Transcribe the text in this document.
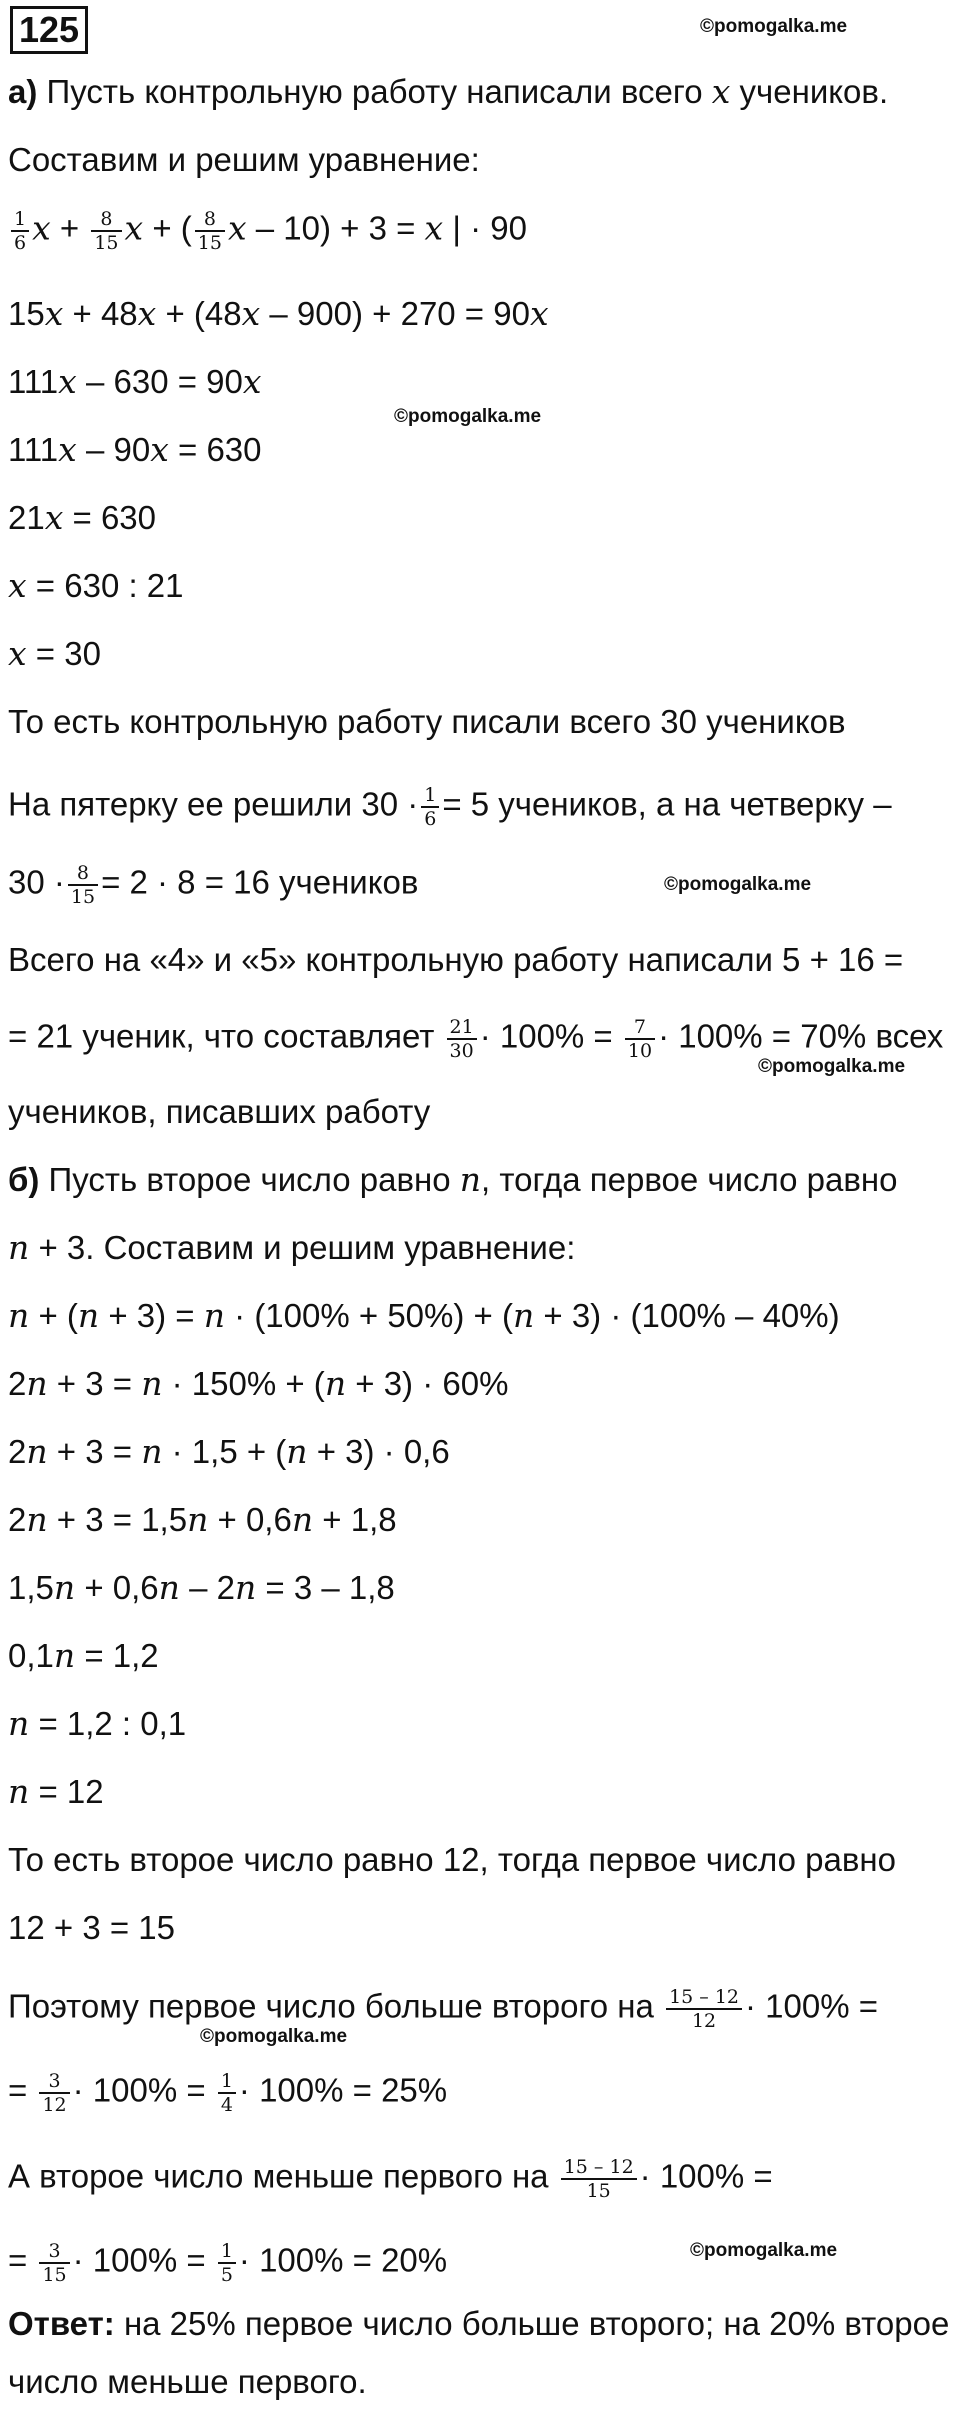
125	©pomogalka.me
а) Пусть контрольную работу написали всего x учеников.
Составим и решим уравнение:
$\frac{1}{6}$ $x + \frac{8}{15}$ x + ( $\frac{8}{15}$ x – 10) + 3 = x | · 90
15x + 48x + (48x – 900) + 270 = 90x
111x – 630 = 90x
©pomogalka.me
111x – 90x = 630
21x = 630
x = 630 : 21
x = 30
То есть контрольную работу писали всего 30 учеников
На пятерку ее решили $30 \cdot \frac{1}{6} = 5$ учеников, а на четверку –
$30 \cdot \frac{8}{15} = 2 \cdot 8 = 16$ учеников	©pomogalka.me
Всего на «4» и «5» контрольную работу написали 5 + 16 =
= 21 ученик, что составляет $\frac{21}{30} \cdot 100\% = \frac{7}{10} \cdot 100\% = 70\%$ всех
©pomogalka.me
учеников, писавших работу
б) Пусть второе число равно n, тогда первое число равно
n + 3. Составим и решим уравнение:
n + (n + 3) = n · (100% + 50%) + (n + 3) · (100% – 40%)
2n + 3 = n · 150% + (n + 3) · 60%
2n + 3 = n · 1,5 + (n + 3) · 0,6
2n + 3 = 1,5n + 0,6n + 1,8
1,5n + 0,6n – 2n = 3 – 1,8
0,1n = 1,2
n = 1,2 : 0,1
n = 12
То есть второе число равно 12, тогда первое число равно
12 + 3 = 15
Поэтому первое число больше второго на $\frac{15 - 12}{12} \cdot 100\%$ =
©pomogalka.me
= $\frac{3}{12} \cdot 100\% = \frac{1}{4} \cdot 100\% = 25\%$
А второе число меньше первого на $\frac{15 - 12}{15} \cdot 100\%$ =
= $\frac{3}{15} \cdot 100\% = \frac{1}{5} \cdot 100\% = 20\%$	©pomogalka.me
Ответ: на 25% первое число больше второго; на 20% второе
число меньше первого.
